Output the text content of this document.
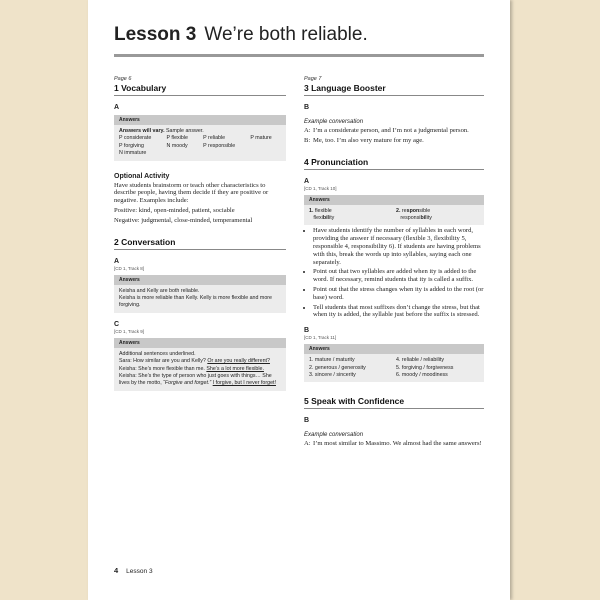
Lesson 3 We’re both reliable.
Page 6
1 Vocabulary
A
Answers
Answers will vary. Sample answer.
P considerate	P flexible	P reliable	P mature
P forgiving	N moody	P responsible
N immature
Optional Activity
Have students brainstorm or teach other characteristics to describe people, having them decide if they are positive or negative. Examples include:
Positive: kind, open-minded, patient, sociable
Negative: judgmental, close-minded, temperamental
2 Conversation
A
[CD 1, Track 8]
Answers
Keisha and Kelly are both reliable.
Keisha is more reliable than Kelly. Kelly is more flexible and more forgiving.
C
[CD 1, Track 9]
Answers
Additional sentences underlined.
Sara: How similar are you and Kelly? Or are you really different?
Keisha: She’s more flexible than me. She’s a lot more flexible.
Keisha: She’s the type of person who just goes with things… She lives by the motto, “Forgive and forget.” I forgive, but I never forget!
Page 7
3 Language Booster
B
Example conversation
A: I’m a considerate person, and I’m not a judgmental person.
B: Me, too. I’m also very mature for my age.
4 Pronunciation
A
[CD 1, Track 10]
Answers
1. flexible
flexibility
2. responsible
responsibility
• Have students identify the number of syllables in each word, providing the answer if necessary (flexible 3, flexibility 5, responsible 4, responsibility 6). If students are having problems with this, break the words up into syllables, saying each one separately.
• Point out that two syllables are added when ity is added to the word. If necessary, remind students that ity is called a suffix.
• Point out that the stress changes when ity is added to the root (or base) word.
• Tell students that most suffixes don’t change the stress, but that when ity is added, the syllable just before the suffix is stressed.
B
[CD 1, Track 11]
Answers
1. mature / maturity	4. reliable / reliability
2. generous / generosity	5. forgiving / forgiveness
3. sincere / sincerity	6. moody / moodiness
5 Speak with Confidence
B
Example conversation
A: I’m most similar to Massimo. We almost had the same answers!
4 Lesson 3
